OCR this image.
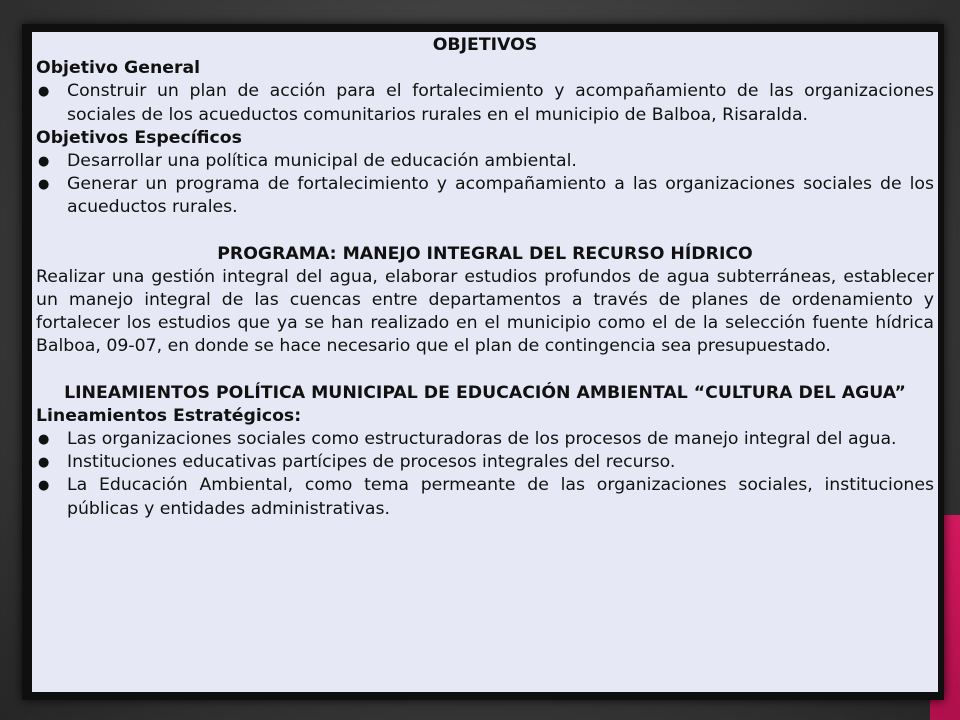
OBJETIVOS

Objetivo General

● Construir un plan de acción para el fortalecimiento y acompañamiento de las organizaciones sociales de los acueductos comunitarios rurales en el municipio de Balboa, Risaralda.

Objetivos Específicos

● Desarrollar una política municipal de educación ambiental.
● Generar un programa de fortalecimiento y acompañamiento a las organizaciones sociales de los acueductos rurales.

PROGRAMA: MANEJO INTEGRAL DEL RECURSO HÍDRICO

Realizar una gestión integral del agua, elaborar estudios profundos de agua subterráneas, establecer un manejo integral de las cuencas entre departamentos a través de planes de ordenamiento y fortalecer los estudios que ya se han realizado en el municipio como el de la selección fuente hídrica Balboa, 09-07, en donde se hace necesario que el plan de contingencia sea presupuestado.

LINEAMIENTOS POLÍTICA MUNICIPAL DE EDUCACIÓN AMBIENTAL “CULTURA DEL AGUA”

Lineamientos Estratégicos:

● Las organizaciones sociales como estructuradoras de los procesos de manejo integral del agua.
● Instituciones educativas partícipes de procesos integrales del recurso.
● La Educación Ambiental, como tema permeante de las organizaciones sociales, instituciones públicas y entidades administrativas.
